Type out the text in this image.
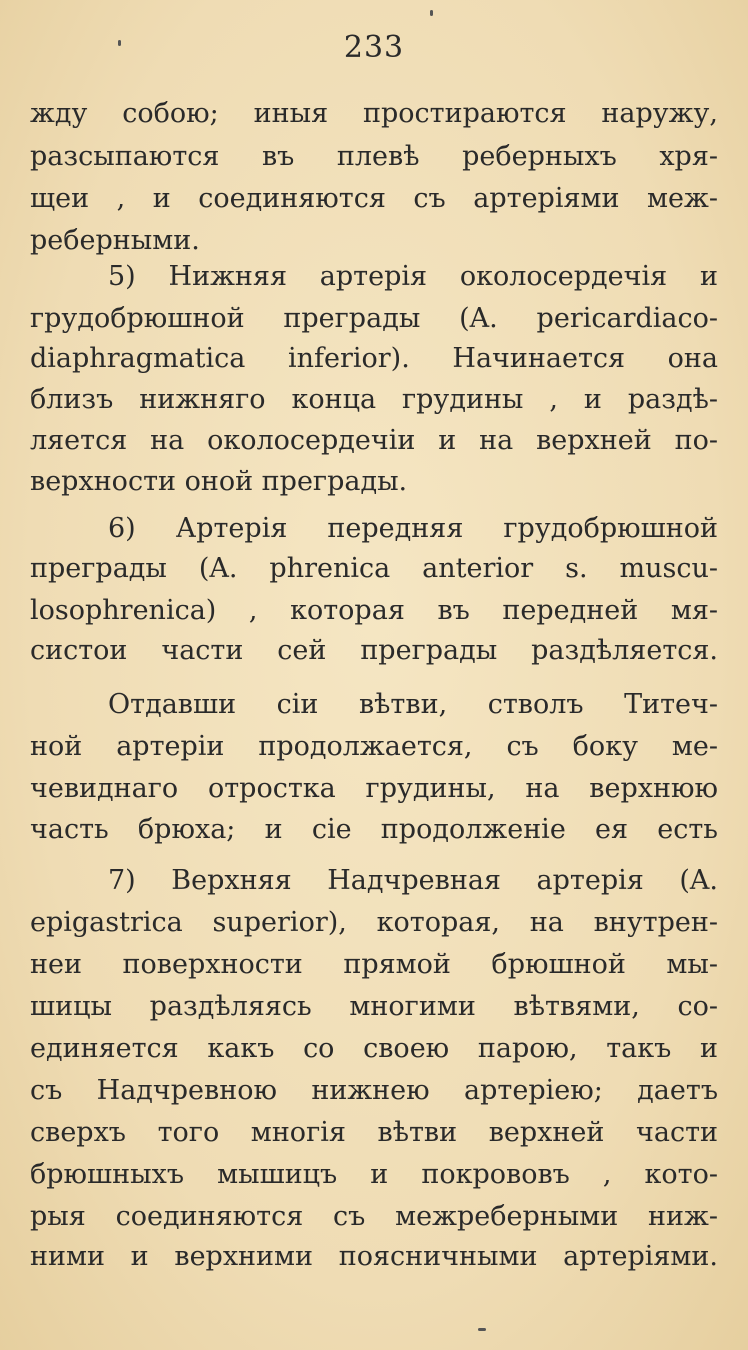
233
жду собою; иныя простираются наружу,
разсыпаются въ плевѣ реберныхъ хря-
щеи , и соединяются съ артеріями меж-
реберными.
5) Нижняя артерія околосердечія и
грудобрюшной преграды (A. pericardiaco-
diaphragmatica inferior). Начинается она
близъ нижняго конца грудины , и раздѣ-
ляется на околосердечіи и на верхней по-
верхности оной преграды.
6) Артерія передняя грудобрюшной
преграды (A. phrenica anterior s. muscu-
losophrenica) , которая въ передней мя-
систои части сей преграды раздѣляется.
Отдавши сіи вѣтви, стволъ Титеч-
ной артеріи продолжается, съ боку ме-
чевиднаго отростка грудины, на верхнюю
часть брюха; и сіе продолженіе ея есть
7) Верхняя Надчревная артерія (A.
epigastrica superior), которая, на внутрен-
неи поверхности прямой брюшной мы-
шицы раздѣляясь многими вѣтвями, со-
единяется какъ со своею парою, такъ и
съ Надчревною нижнею артеріею; даетъ
сверхъ того многія вѣтви верхней части
брюшныхъ мышицъ и покрововъ , кото-
рыя соединяются съ межреберными ниж-
ними и верхними поясничными артеріями.
